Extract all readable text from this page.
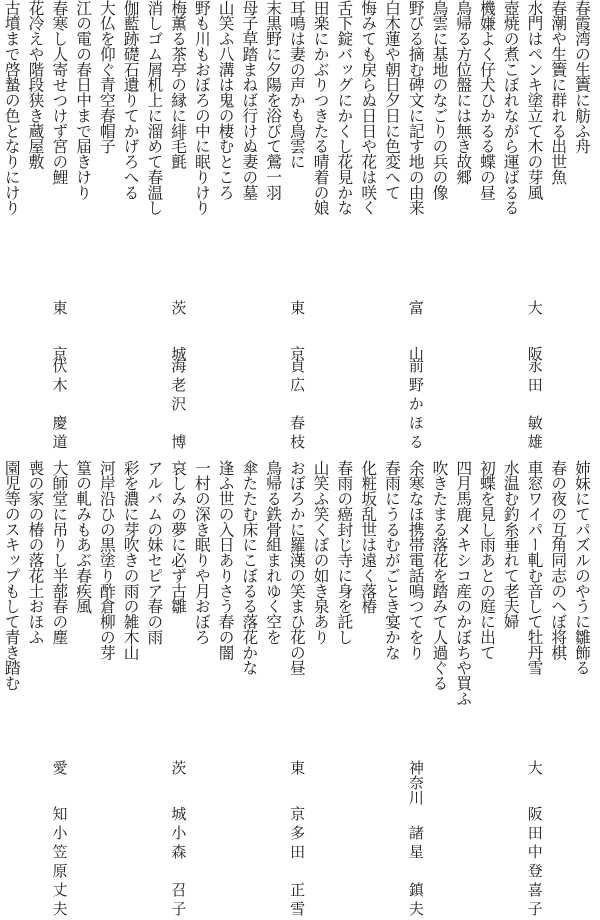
春霞湾の生簀に舫ふ舟
春潮や生簀に群れる出世魚
水門はペンキ塗立て木の芽風
壺焼の煮こぼれながら運ばるる
機嫌よく仔犬ひかるる蝶の昼
大　阪
永田　敏雄
鳥帰る方位盤には無き故郷
鳥雲に基地のなごりの兵の像
野びる摘む碑文に記す地の由来
白木蓮や朝日夕日に色変へて
悔みても戻らぬ日日や花は咲く
富　山
前野かほる
舌下錠バッグにかくし花見かな
田楽にかぶりつきたる晴着の娘
耳鳴は妻の声かも鳥雲に
末黒野に夕陽を浴びて鶯一羽
母子草踏まねば行けぬ妻の墓
東　京
貞広　春枝
山笑ふ八溝は鬼の棲むところ
野も川もおぼろの中に眠りけり
梅薫る茶亭の縁に緋毛氈
消しゴム屑机上に溜めて春温し
伽藍跡礎石遺りてかげろへる
茨　城
海老沢　博
大仏を仰ぐ青空春帽子
江の電の春日中まで届きけり
春寒し人寄せつけず宮の鯉
花冷えや階段狭き蔵屋敷
古墳まで啓蟄の色となりにけり
東　京
伏木　慶道
姉妹にてパズルのやうに雛飾る
春の夜の互角同志のへぼ将棋
車窓ワイパー軋む音して牡丹雪
水温む釣糸垂れて老夫婦
初蝶を見し雨あとの庭に出て
大　阪
田中登喜子
四月馬鹿メキシコ産のかぼちや買ふ
吹きたまる落花を踏みて人過ぐる
余寒なほ携帯電話鳴つてをり
春雨にうるむがごとき宴かな
化粧坂乱世は遠く落椿
神奈川
諸星　鎮夫
春雨の癌封じ寺に身を託し
山笑ふ笑くぼの如き泉あり
おぼろかに羅漢の笑まひ花の昼
鳥帰る鉄骨組まれゆく空を
傘たたむ床にこぼるる落花かな
東　京
多田　正雪
逢ふ世の入日ありさう春の闇
一村の深き眠りや月おぼろ
哀しみの夢に必ず古雛
アルバムの妹セピア春の雨
彩を濃に芽吹きの雨の雑木山
茨　城
小森　召子
河岸沿ひの黒塗り酢倉柳の芽
篁の軋みもあぶ春疾風
大師堂に吊りし半蔀春の塵
喪の家の椿の落花土おほふ
園児等のスキップもして青き踏む
愛　知
小笠原丈夫
